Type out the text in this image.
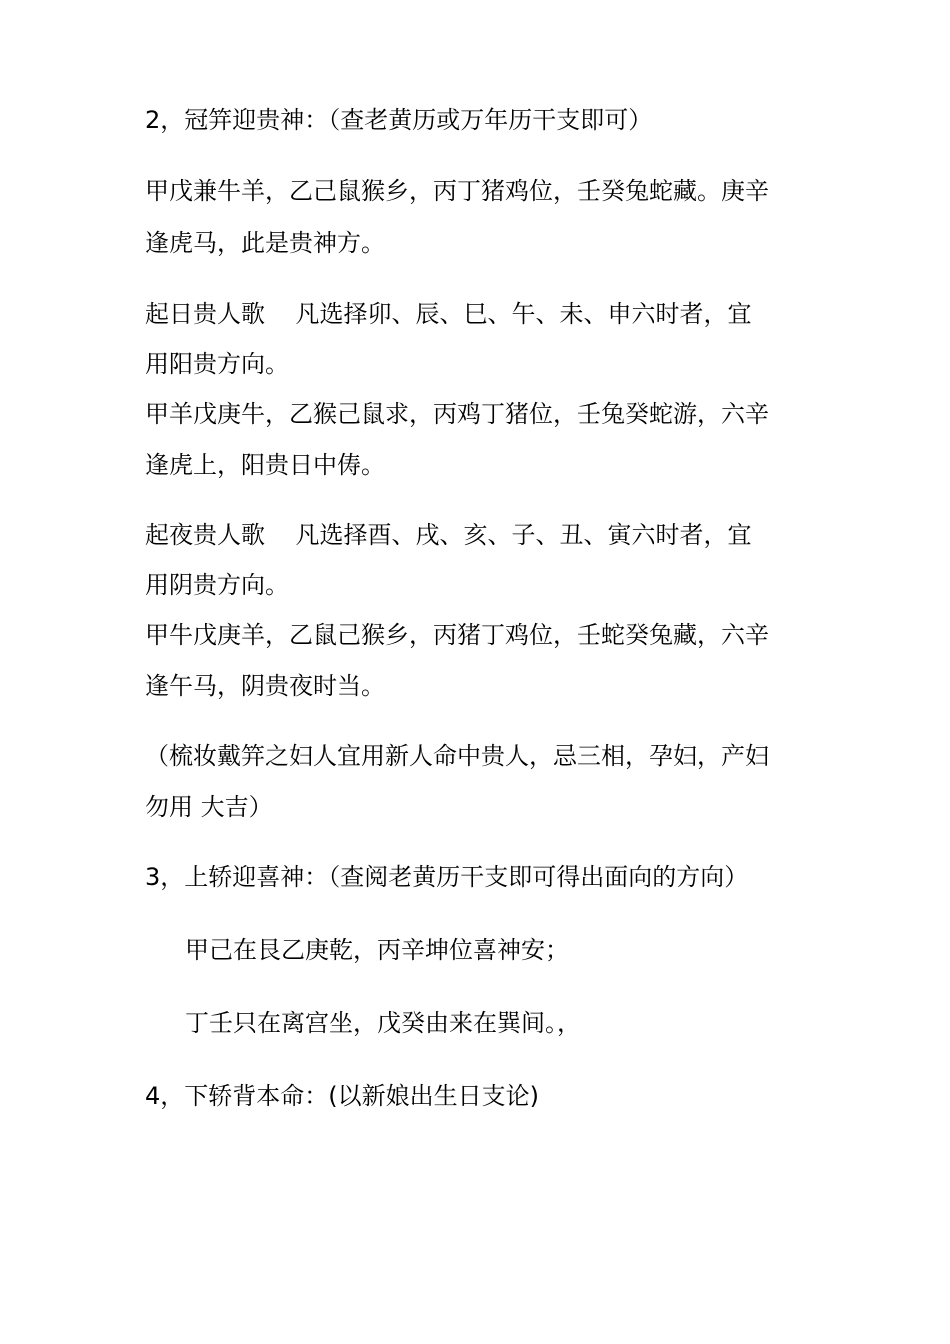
2，冠笄迎贵神：（查老黄历或万年历干支即可）
甲戊兼牛羊，乙己鼠猴乡，丙丁猪鸡位，壬癸兔蛇藏。庚辛
逢虎马，此是贵神方。
起日贵人歌    凡选择卯、辰、巳、午、未、申六时者，宜
用阳贵方向。
甲羊戊庚牛，乙猴己鼠求，丙鸡丁猪位，壬兔癸蛇游，六辛
逢虎上，阳贵日中俦。
起夜贵人歌    凡选择酉、戌、亥、子、丑、寅六时者，宜
用阴贵方向。
甲牛戊庚羊，乙鼠己猴乡，丙猪丁鸡位，壬蛇癸兔藏，六辛
逢午马，阴贵夜时当。
（梳妆戴笄之妇人宜用新人命中贵人，忌三相，孕妇，产妇
勿用 大吉）
3，上轿迎喜神：（查阅老黄历干支即可得出面向的方向）
甲己在艮乙庚乾，丙辛坤位喜神安；
丁壬只在离宫坐，戊癸由来在巽间。，
4，下轿背本命：(以新娘出生日支论)
